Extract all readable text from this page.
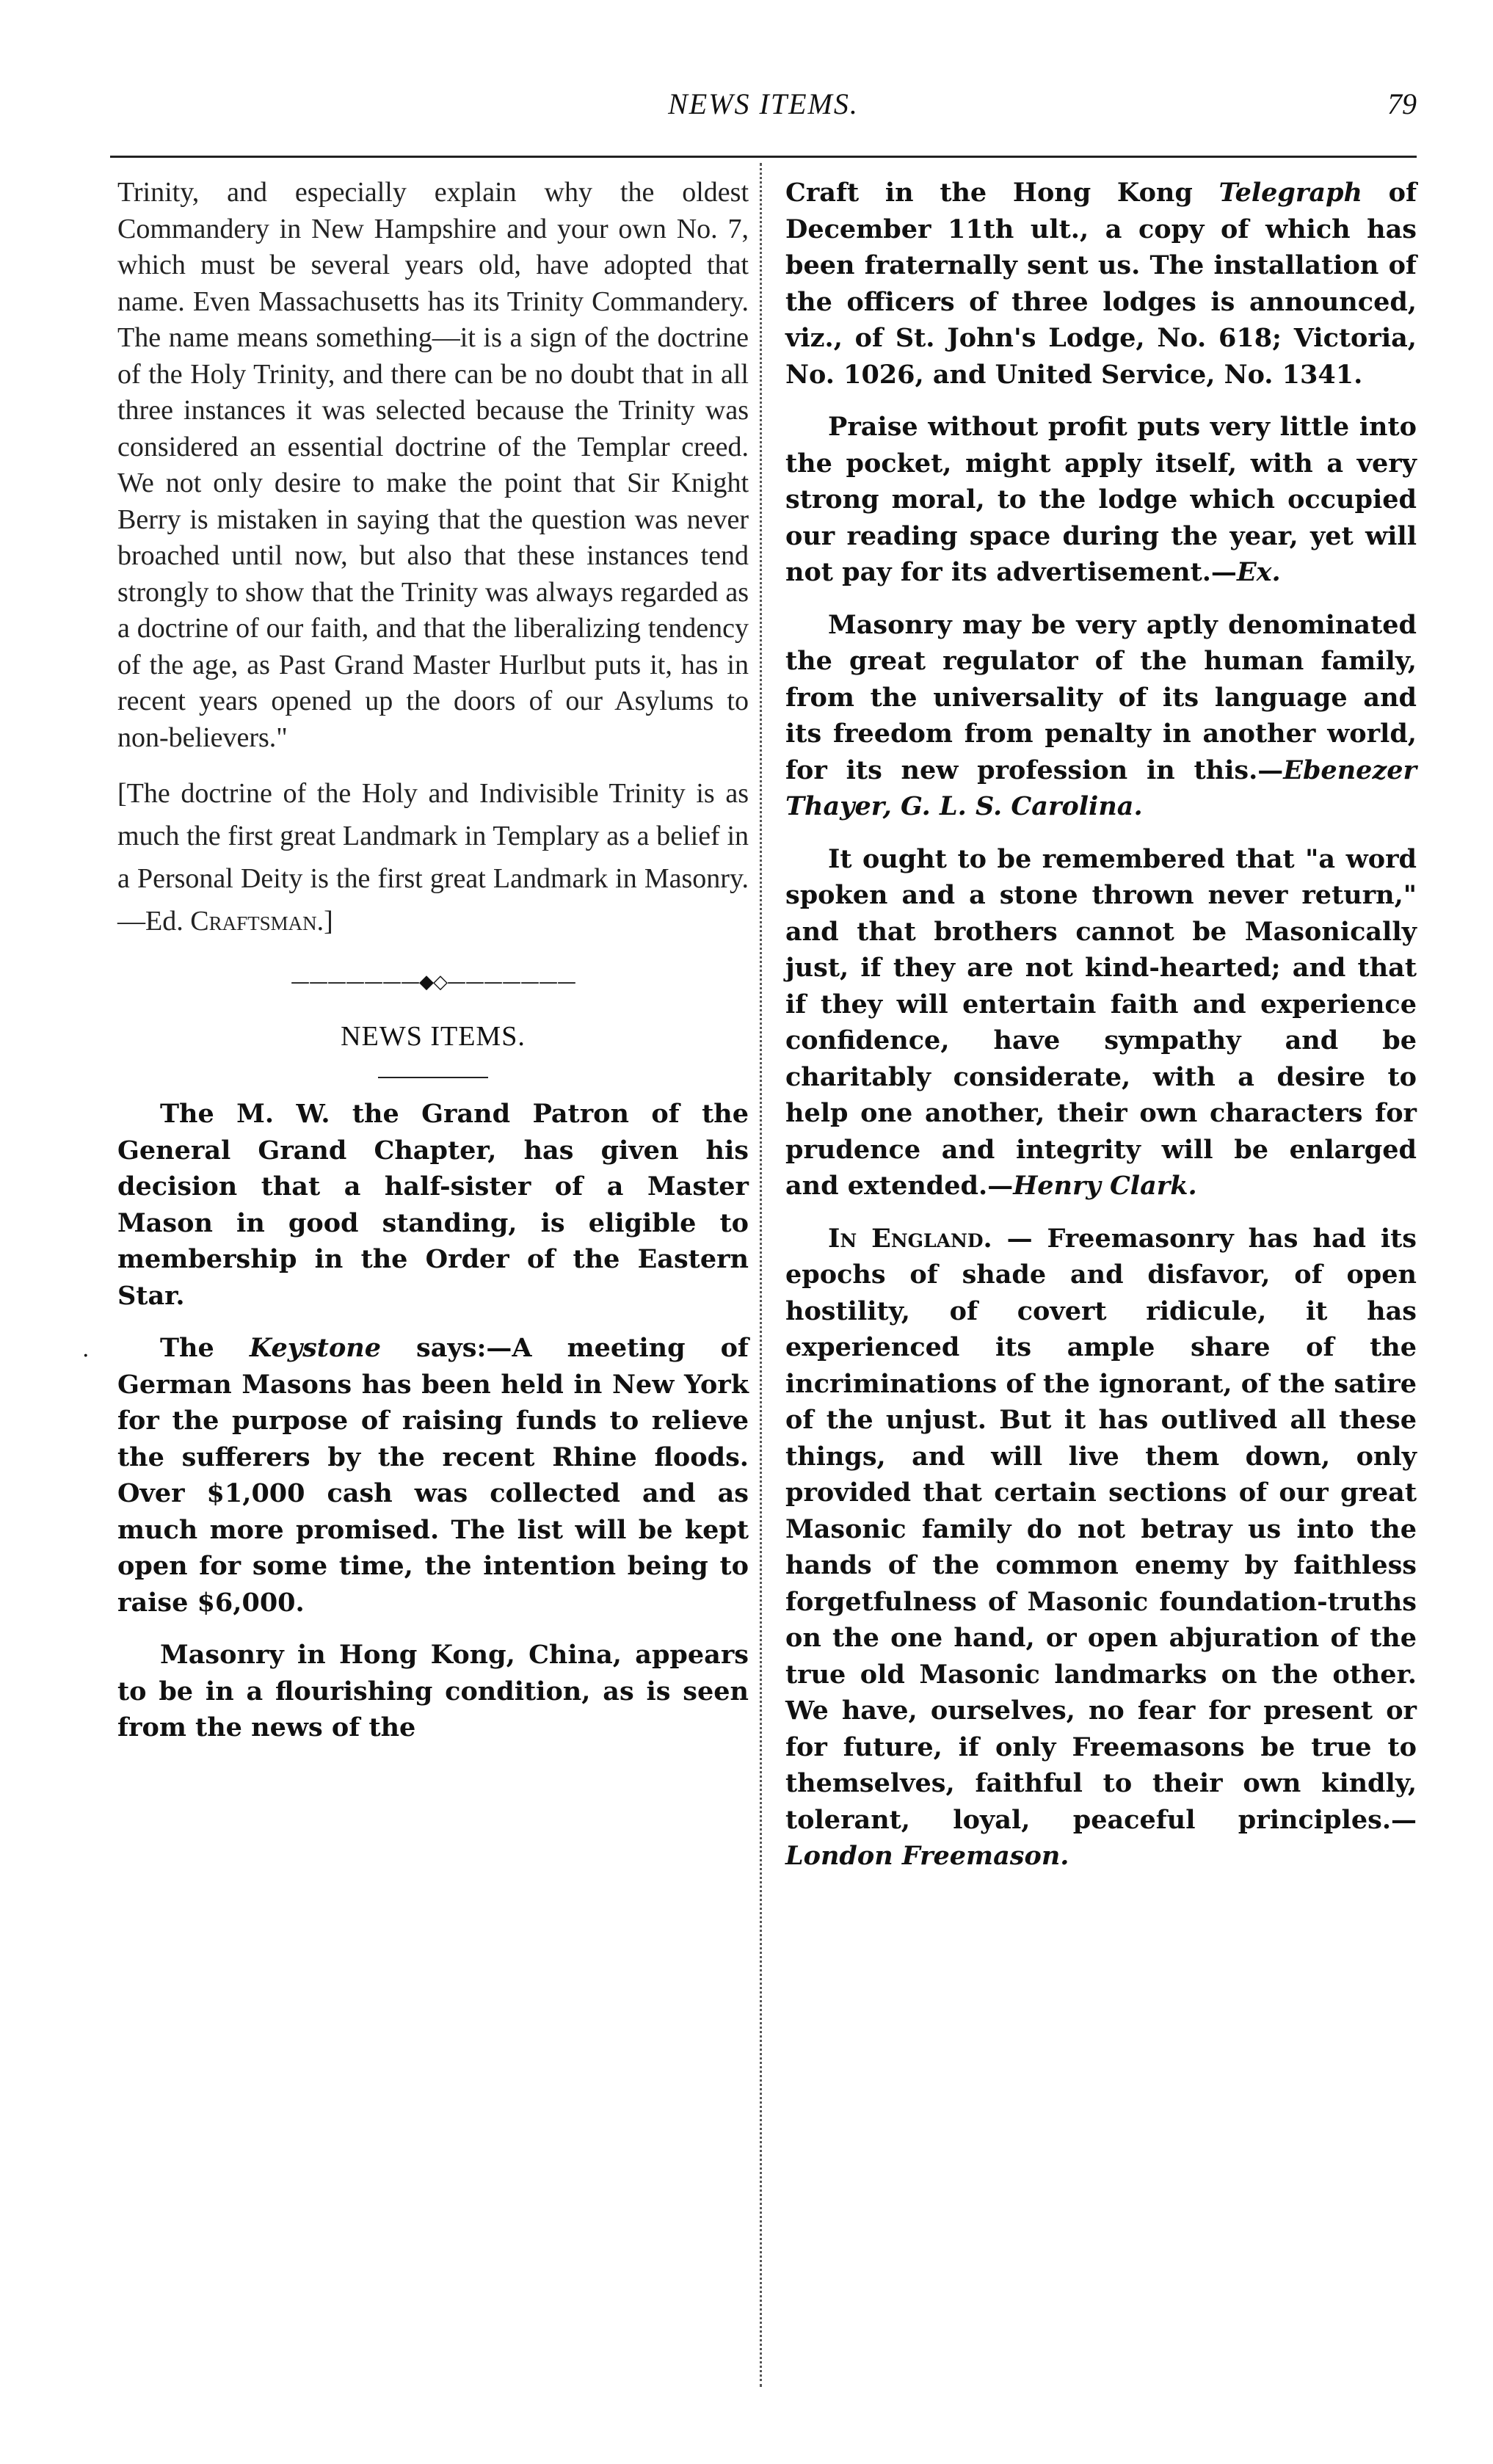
NEWS ITEMS.	79
·

Trinity, and especially explain why the oldest Commandery in New Hampshire and your own No. 7, which must be several years old, have adopted that name. Even Massachusetts has its Trinity Commandery. The name means something—it is a sign of the doctrine of the Holy Trinity, and there can be no doubt that in all three instances it was selected because the Trinity was considered an essential doctrine of the Templar creed. We not only desire to make the point that Sir Knight Berry is mistaken in saying that the question was never broached until now, but also that these instances tend strongly to show that the Trinity was always regarded as a doctrine of our faith, and that the liberalizing tendency of the age, as Past Grand Master Hurlbut puts it, has in recent years opened up the doors of our Asylums to non-believers."

[The doctrine of the Holy and Indivisible Trinity is as much the first great Landmark in Templary as a belief in a Personal Deity is the first great Landmark in Masonry.—Ed. Craftsman.]

———————◆◇———————
NEWS ITEMS.

The M. W. the Grand Patron of the General Grand Chapter, has given his decision that a half-sister of a Master Mason in good standing, is eligible to membership in the Order of the Eastern Star.

The Keystone says:—A meeting of German Masons has been held in New York for the purpose of raising funds to relieve the sufferers by the recent Rhine floods. Over $1,000 cash was collected and as much more promised. The list will be kept open for some time, the intention being to raise $6,000.

Masonry in Hong Kong, China, appears to be in a flourishing condition, as is seen from the news of the

Craft in the Hong Kong Telegraph of December 11th ult., a copy of which has been fraternally sent us. The installation of the officers of three lodges is announced, viz., of St. John's Lodge, No. 618; Victoria, No. 1026, and United Service, No. 1341.

Praise without profit puts very little into the pocket, might apply itself, with a very strong moral, to the lodge which occupied our reading space during the year, yet will not pay for its advertisement.—Ex.

Masonry may be very aptly denominated the great regulator of the human family, from the universality of its language and its freedom from penalty in another world, for its new profession in this.—Ebenezer Thayer, G. L. S. Carolina.

It ought to be remembered that "a word spoken and a stone thrown never return," and that brothers cannot be Masonically just, if they are not kind-hearted; and that if they will entertain faith and experience confidence, have sympathy and be charitably considerate, with a desire to help one another, their own characters for prudence and integrity will be enlarged and extended.—Henry Clark.

In England. — Freemasonry has had its epochs of shade and disfavor, of open hostility, of covert ridicule, it has experienced its ample share of the incriminations of the ignorant, of the satire of the unjust. But it has outlived all these things, and will live them down, only provided that certain sections of our great Masonic family do not betray us into the hands of the common enemy by faithless forgetfulness of Masonic foundation-truths on the one hand, or open abjuration of the true old Masonic landmarks on the other. We have, ourselves, no fear for present or for future, if only Freemasons be true to themselves, faithful to their own kindly, tolerant, loyal, peaceful principles.—London Freemason.
